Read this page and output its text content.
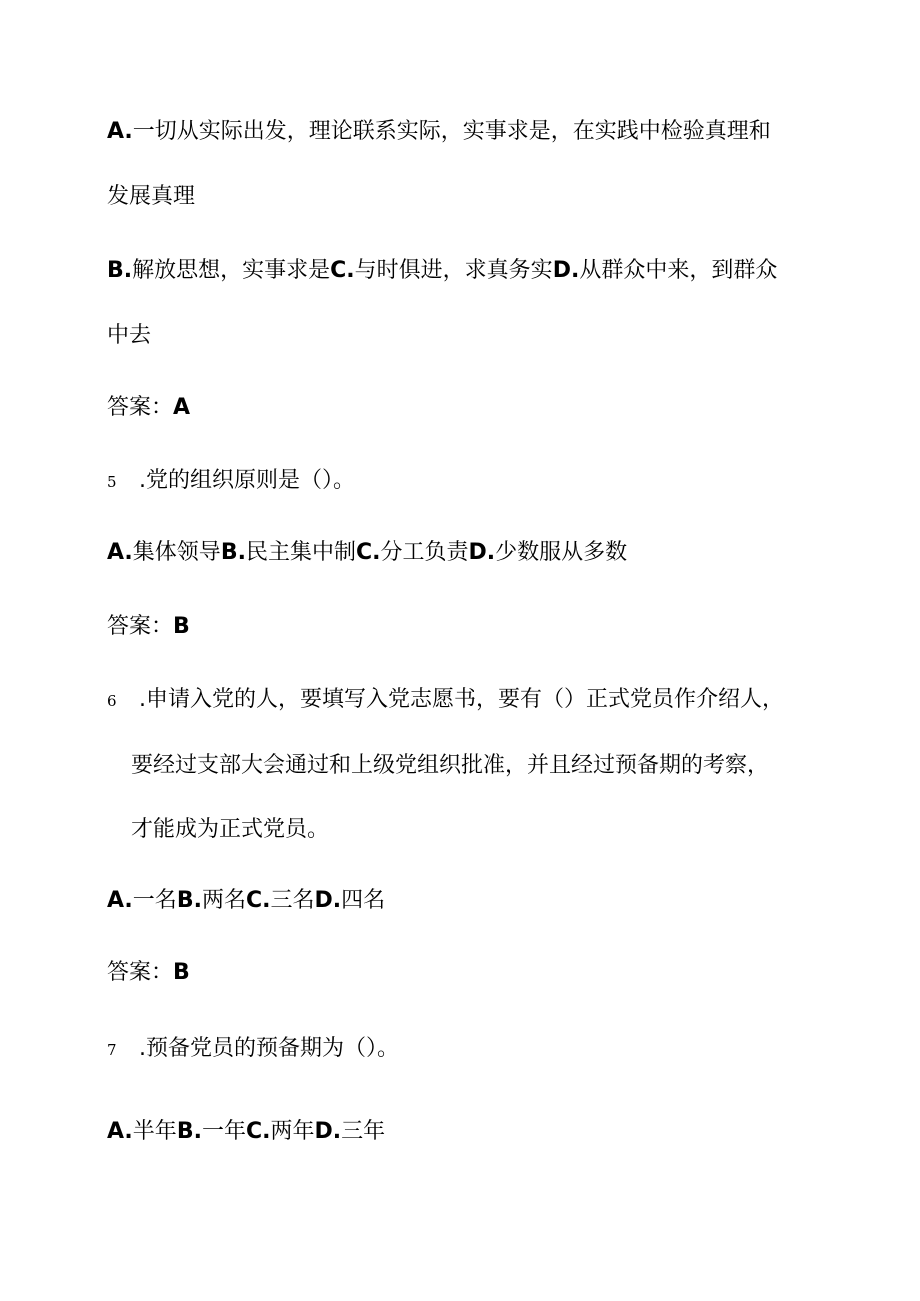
A.一切从实际出发，理论联系实际，实事求是，在实践中检验真理和
发展真理
B.解放思想，实事求是C.与时俱进，求真务实D.从群众中来，到群众
中去
答案：A
5 .党的组织原则是（）。
A.集体领导B.民主集中制C.分工负责D.少数服从多数
答案：B
6 .申请入党的人，要填写入党志愿书，要有（）正式党员作介绍人，
要经过支部大会通过和上级党组织批准，并且经过预备期的考察，
才能成为正式党员。
A.一名B.两名C.三名D.四名
答案：B
7 .预备党员的预备期为（）。
A.半年B.一年C.两年D.三年
